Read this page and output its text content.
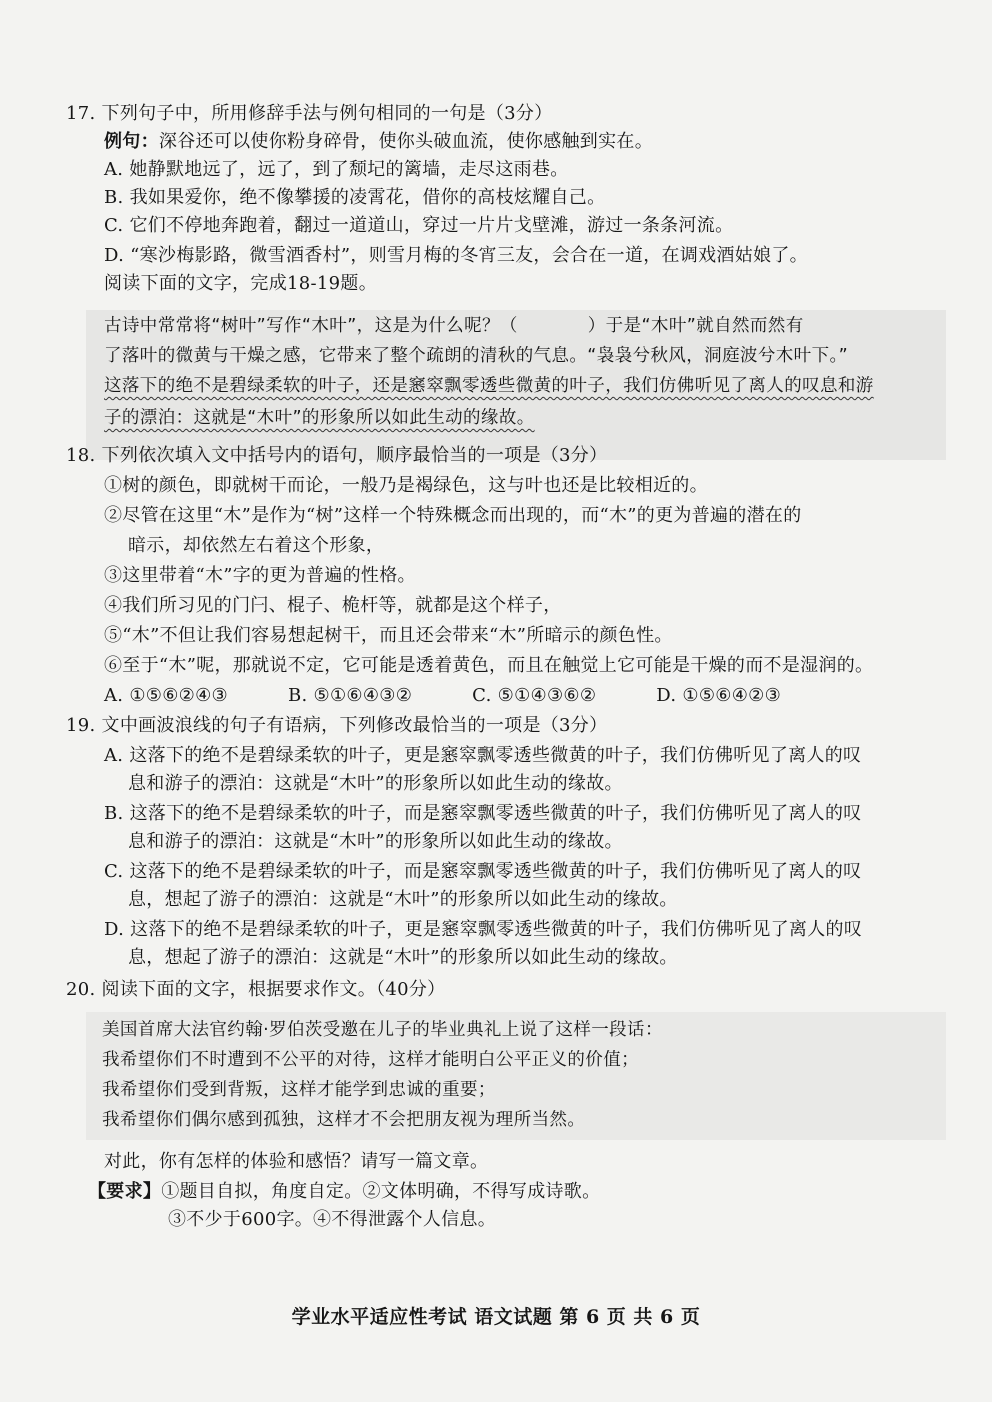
17. 下列句子中，所用修辞手法与例句相同的一句是（3分）
例句：深谷还可以使你粉身碎骨，使你头破血流，使你感触到实在。
A. 她静默地远了，远了，到了颓圮的篱墙，走尽这雨巷。
B. 我如果爱你，绝不像攀援的凌霄花，借你的高枝炫耀自己。
C. 它们不停地奔跑着，翻过一道道山，穿过一片片戈壁滩，游过一条条河流。
D. “寒沙梅影路，微雪酒香村”，则雪月梅的冬宵三友，会合在一道，在调戏酒姑娘了。
阅读下面的文字，完成18-19题。
古诗中常常将“树叶”写作“木叶”，这是为什么呢？（	）于是“木叶”就自然而然有
了落叶的微黄与干燥之感，它带来了整个疏朗的清秋的气息。“袅袅兮秋风，洞庭波兮木叶下。”
这落下的绝不是碧绿柔软的叶子，还是窸窣飘零透些微黄的叶子，我们仿佛听见了离人的叹息和游
子的漂泊：这就是“木叶”的形象所以如此生动的缘故。
18. 下列依次填入文中括号内的语句，顺序最恰当的一项是（3分）
①树的颜色，即就树干而论，一般乃是褐绿色，这与叶也还是比较相近的。
②尽管在这里“木”是作为“树”这样一个特殊概念而出现的，而“木”的更为普遍的潜在的
暗示，却依然左右着这个形象，
③这里带着“木”字的更为普遍的性格。
④我们所习见的门闩、棍子、桅杆等，就都是这个样子，
⑤“木”不但让我们容易想起树干，而且还会带来“木”所暗示的颜色性。
⑥至于“木”呢，那就说不定，它可能是透着黄色，而且在触觉上它可能是干燥的而不是湿润的。
A. ①⑤⑥②④③	B. ⑤①⑥④③②	C. ⑤①④③⑥②	D. ①⑤⑥④②③
19. 文中画波浪线的句子有语病，下列修改最恰当的一项是（3分）
A. 这落下的绝不是碧绿柔软的叶子，更是窸窣飘零透些微黄的叶子，我们仿佛听见了离人的叹
息和游子的漂泊：这就是“木叶”的形象所以如此生动的缘故。
B. 这落下的绝不是碧绿柔软的叶子，而是窸窣飘零透些微黄的叶子，我们仿佛听见了离人的叹
息和游子的漂泊：这就是“木叶”的形象所以如此生动的缘故。
C. 这落下的绝不是碧绿柔软的叶子，而是窸窣飘零透些微黄的叶子，我们仿佛听见了离人的叹
息，想起了游子的漂泊：这就是“木叶”的形象所以如此生动的缘故。
D. 这落下的绝不是碧绿柔软的叶子，更是窸窣飘零透些微黄的叶子，我们仿佛听见了离人的叹
息，想起了游子的漂泊：这就是“木叶”的形象所以如此生动的缘故。
20. 阅读下面的文字，根据要求作文。（40分）
美国首席大法官约翰·罗伯茨受邀在儿子的毕业典礼上说了这样一段话：
我希望你们不时遭到不公平的对待，这样才能明白公平正义的价值；
我希望你们受到背叛，这样才能学到忠诚的重要；
我希望你们偶尔感到孤独，这样才不会把朋友视为理所当然。
对此，你有怎样的体验和感悟？请写一篇文章。
【要求】①题目自拟，角度自定。②文体明确，不得写成诗歌。
③不少于600字。④不得泄露个人信息。
学业水平适应性考试 语文试题 第 6 页 共 6 页
